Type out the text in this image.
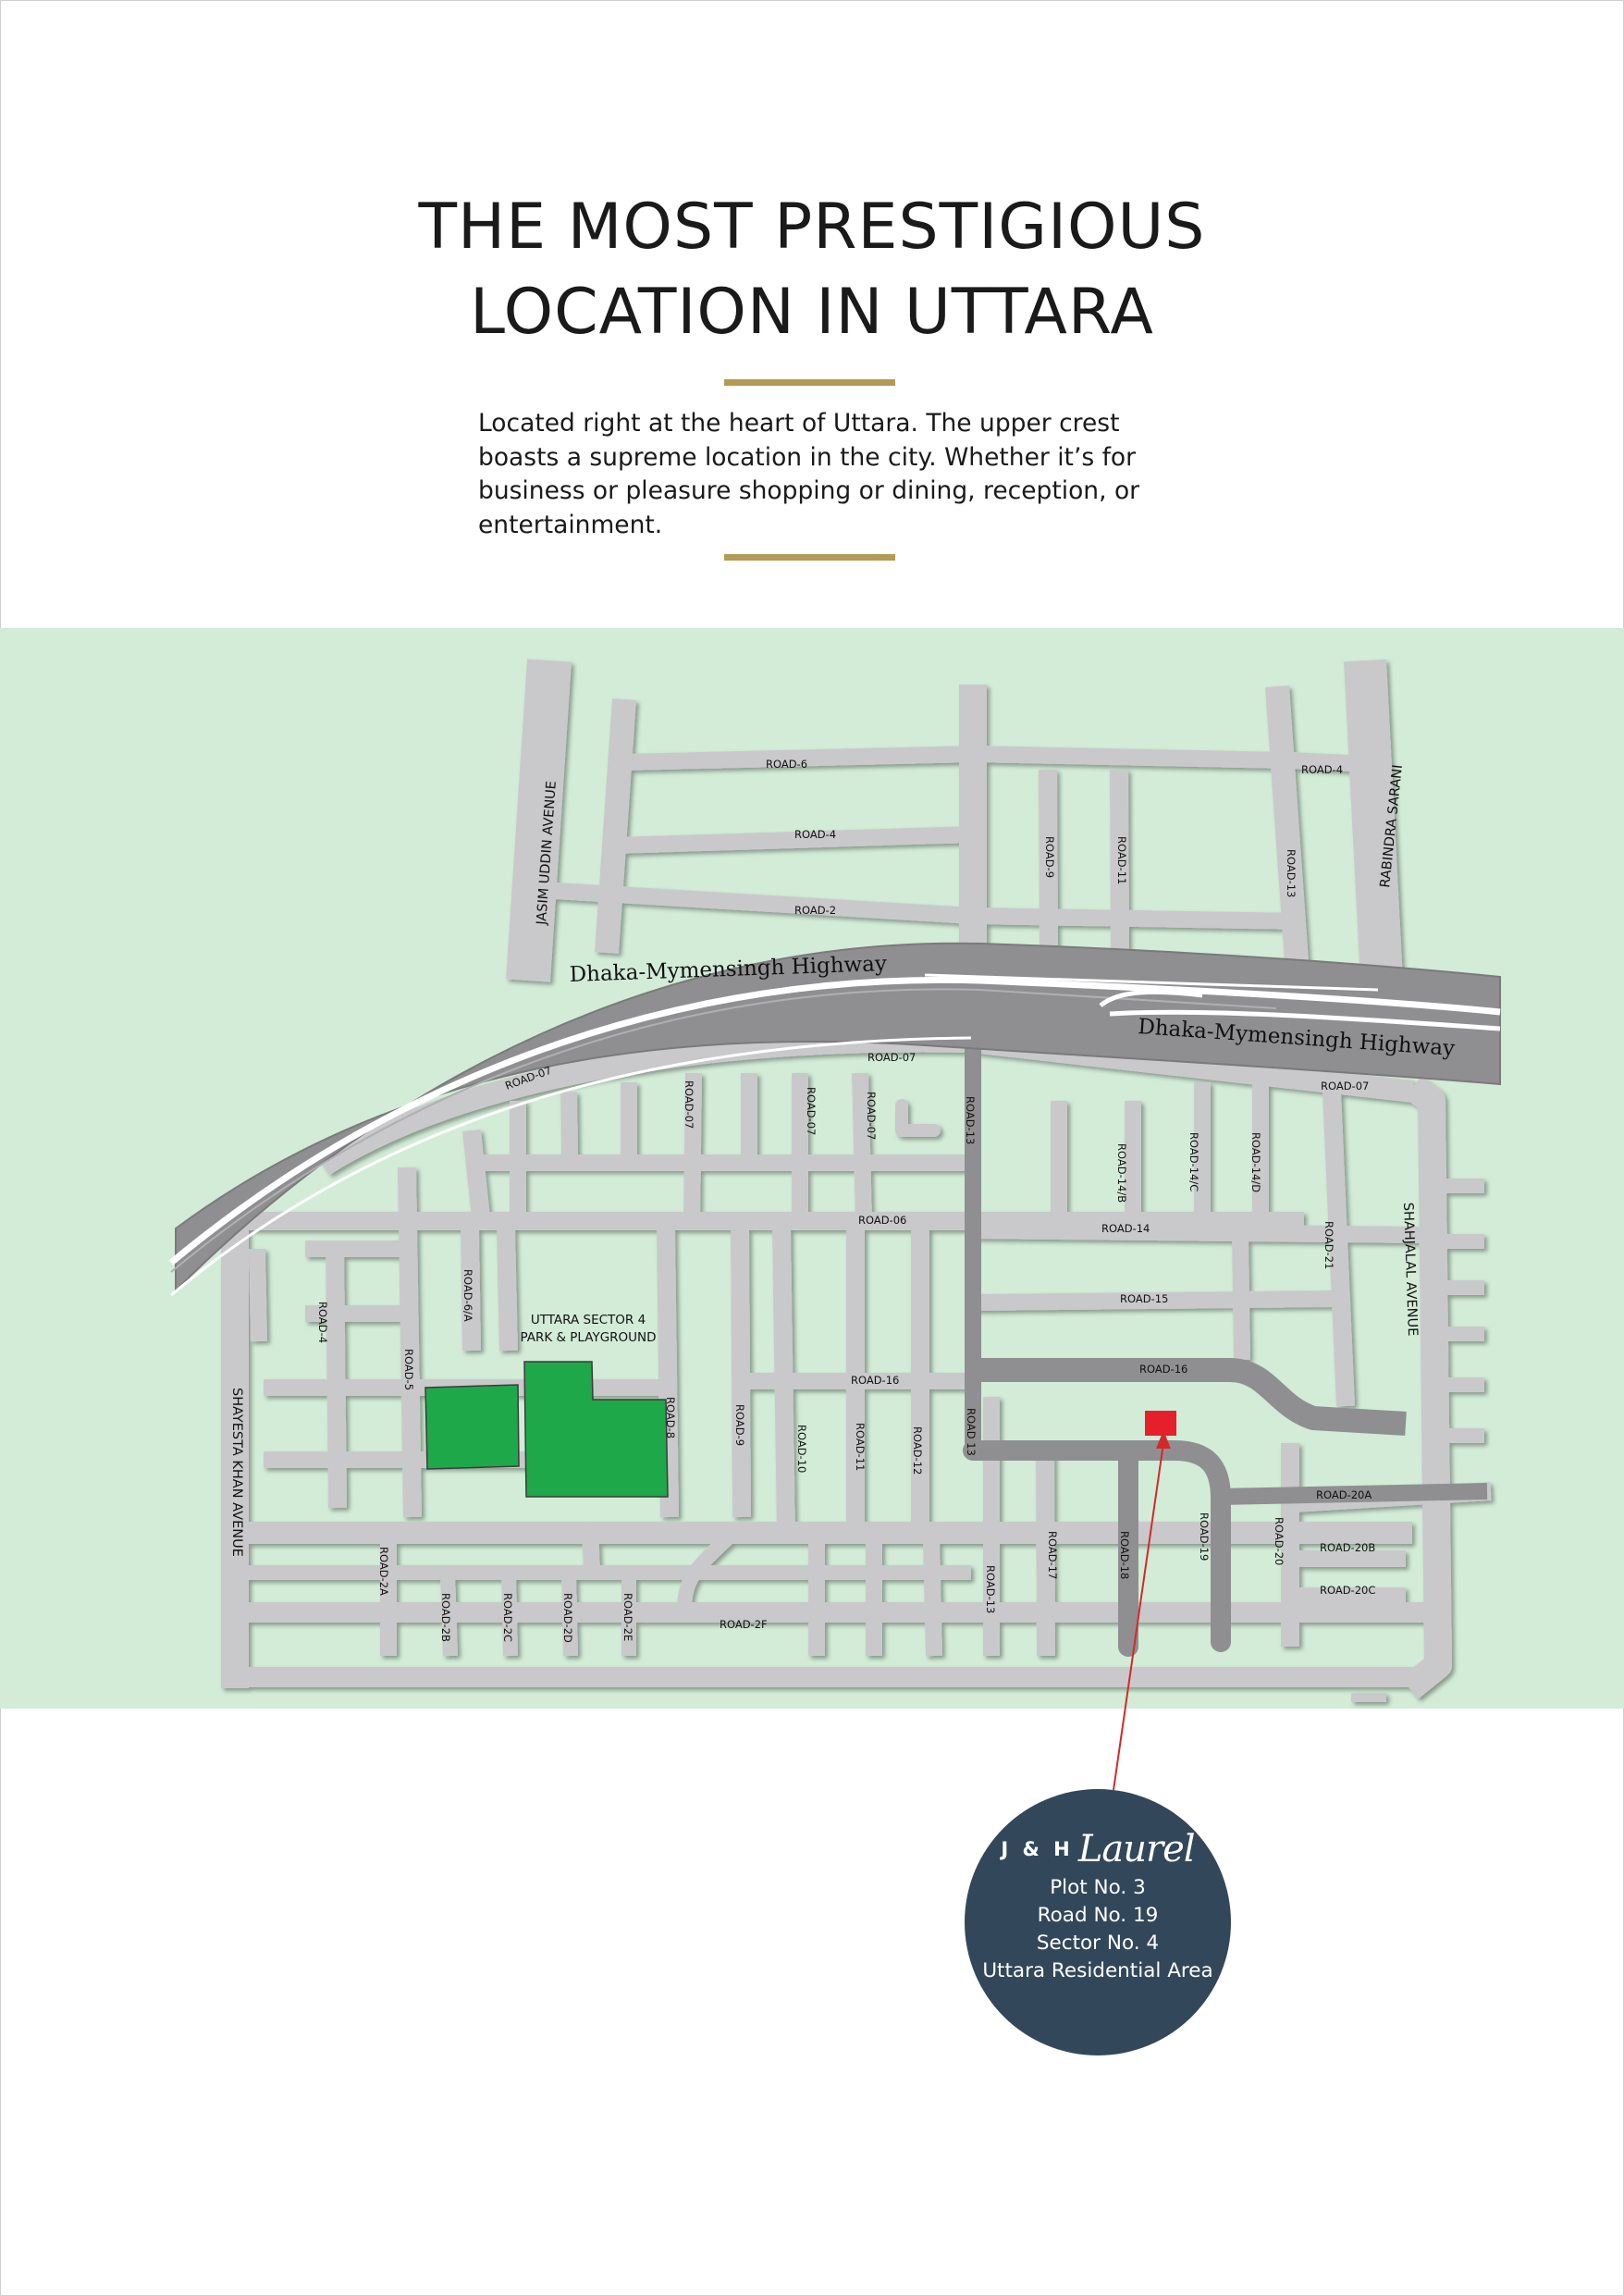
THE MOST PRESTIGIOUS
LOCATION IN UTTARA
Located right at the heart of Uttara. The upper crest
boasts a supreme location in the city. Whether it’s for
business or pleasure shopping or dining, reception, or
entertainment.
Dhaka-Mymensingh Highway
Dhaka-Mymensingh Highway
JASIM UDDIN AVENUE	RABINDRA SARANI
SHAHJALAL AVENUE
SHAYESTA KHAN AVENUE
UTTARA SECTOR 4
PARK & PLAYGROUND
ROAD-6
ROAD-4
ROAD-2
ROAD-4
ROAD-9	ROAD-11	ROAD-13
ROAD-07
ROAD-07
ROAD-07
ROAD-07	ROAD-07	ROAD-07	ROAD-13
ROAD-14/B	ROAD-14/C	ROAD-14/D
ROAD-06
ROAD-14	ROAD-21
ROAD-15
ROAD-16
ROAD-16
ROAD-4
ROAD-6/A
ROAD-5
ROAD-8	ROAD-9	ROAD-10	ROAD-11	ROAD-12	ROAD 13
ROAD-20A
ROAD-19
ROAD-18
ROAD-17
ROAD-13
ROAD-20	ROAD-20B
ROAD-20C
ROAD-2A
ROAD-2B	ROAD-2C	ROAD-2D	ROAD-2E	ROAD-2F
J & H Laurel
Plot No. 3
Road No. 19
Sector No. 4
Uttara Residential Area
